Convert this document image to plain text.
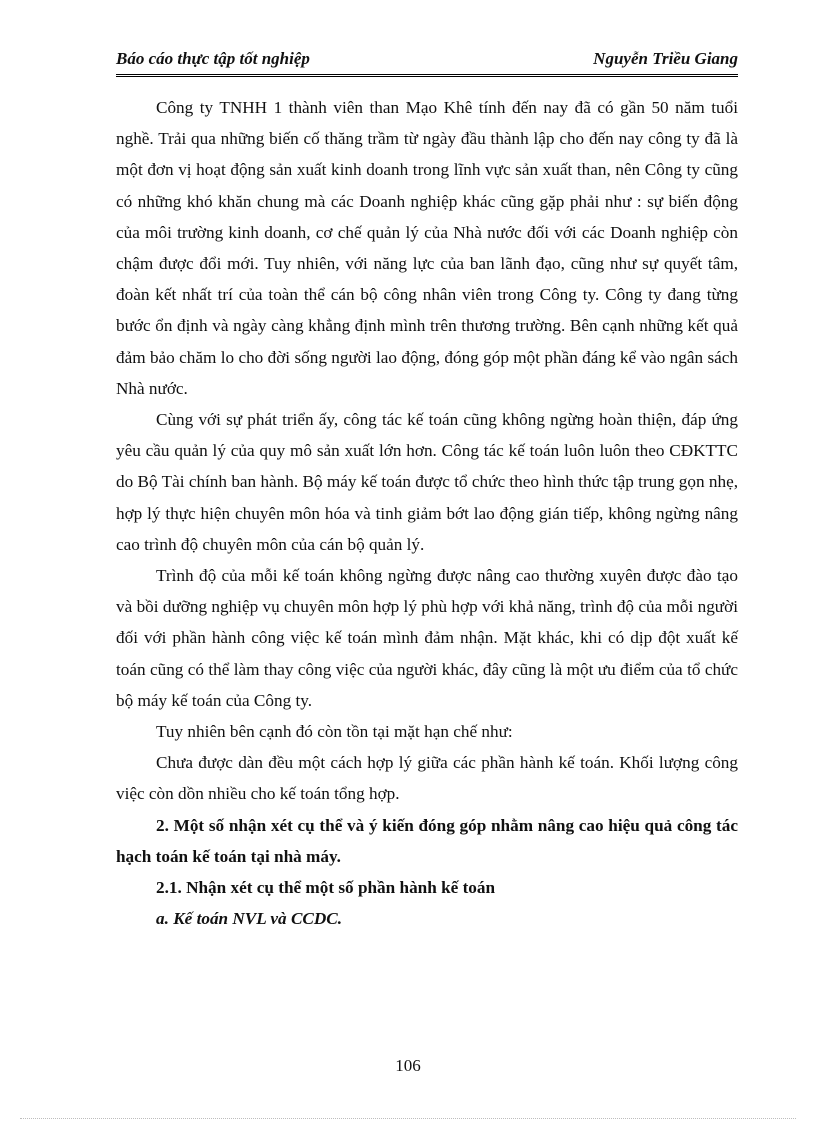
Báo cáo thực tập tốt nghiệp	Nguyễn Triều Giang

Công ty TNHH 1 thành viên than Mạo Khê tính đến nay đã có gần 50 năm tuổi nghề. Trải qua những biến cố thăng trầm từ ngày đầu thành lập cho đến nay công ty đã là một đơn vị hoạt động sản xuất kinh doanh trong lĩnh vực sản xuất than, nên Công ty cũng có những khó khăn chung mà các Doanh nghiệp khác cũng gặp phải như : sự biến động của môi trường kinh doanh, cơ chế quản lý của Nhà nước đối với các Doanh nghiệp còn chậm được đổi mới. Tuy nhiên, với năng lực của ban lãnh đạo, cũng như sự quyết tâm, đoàn kết nhất trí của toàn thể cán bộ công nhân viên trong Công ty. Công ty đang từng bước ổn định và ngày càng khẳng định mình trên thương trường. Bên cạnh những kết quả đảm bảo chăm lo cho đời sống người lao động, đóng góp một phần đáng kể vào ngân sách Nhà nước.

Cùng với sự phát triển ấy, công tác kế toán cũng không ngừng hoàn thiện, đáp ứng yêu cầu quản lý của quy mô sản xuất lớn hơn. Công tác kế toán luôn luôn theo CĐKTTC do Bộ Tài chính ban hành. Bộ máy kế toán được tổ chức theo hình thức tập trung gọn nhẹ, hợp lý thực hiện chuyên môn hóa và tinh giảm bớt lao động gián tiếp, không ngừng nâng cao trình độ chuyên môn của cán bộ quản lý.

Trình độ của mỗi kế toán không ngừng được nâng cao thường xuyên được đào tạo và bồi dưỡng nghiệp vụ chuyên môn hợp lý phù hợp với khả năng, trình độ của mỗi người đối với phần hành công việc kế toán mình đảm nhận. Mặt khác, khi có dịp đột xuất kế toán cũng có thể làm thay công việc của người khác, đây cũng là một ưu điểm của tổ chức bộ máy kế toán của Công ty.

Tuy nhiên bên cạnh đó còn tồn tại mặt hạn chế như:

Chưa được dàn đều một cách hợp lý giữa các phần hành kế toán. Khối lượng công việc còn dồn nhiều cho kế toán tổng hợp.

2. Một số nhận xét cụ thể và ý kiến đóng góp nhằm nâng cao hiệu quả công tác hạch toán kế toán tại nhà máy.

2.1. Nhận xét cụ thể một số phần hành kế toán

a. Kế toán NVL và CCDC.

106
